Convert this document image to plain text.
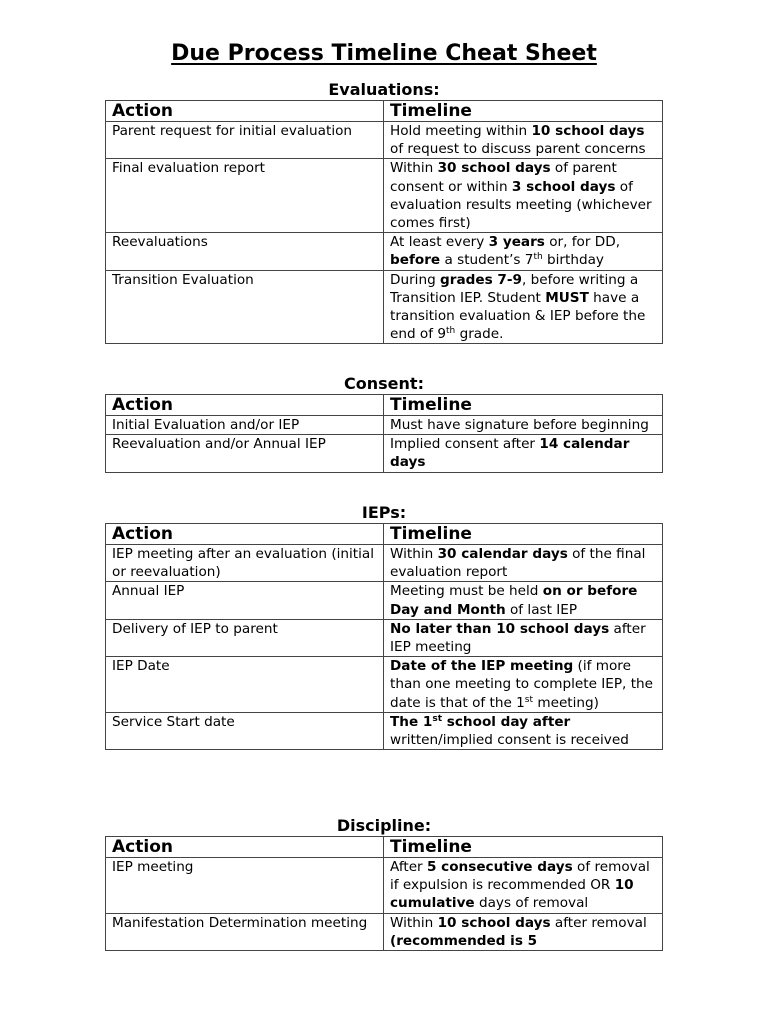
Due Process Timeline Cheat Sheet
Evaluations:
Action	Timeline
Parent request for initial evaluation	Hold meeting within 10 school days of request to discuss parent concerns
Final evaluation report	Within 30 school days of parent consent or within 3 school days of evaluation results meeting (whichever comes first)
Reevaluations	At least every 3 years or, for DD, before a student’s 7th birthday
Transition Evaluation	During grades 7-9, before writing a Transition IEP. Student MUST have a transition evaluation & IEP before the end of 9th grade.
Consent:
Action	Timeline
Initial Evaluation and/or IEP	Must have signature before beginning
Reevaluation and/or Annual IEP	Implied consent after 14 calendar days
IEPs:
Action	Timeline
IEP meeting after an evaluation (initial or reevaluation)	Within 30 calendar days of the final evaluation report
Annual IEP	Meeting must be held on or before Day and Month of last IEP
Delivery of IEP to parent	No later than 10 school days after IEP meeting
IEP Date	Date of the IEP meeting (if more than one meeting to complete IEP, the date is that of the 1st meeting)
Service Start date	The 1st school day after written/implied consent is received
Discipline:
Action	Timeline
IEP meeting	After 5 consecutive days of removal if expulsion is recommended OR 10 cumulative days of removal
Manifestation Determination meeting	Within 10 school days after removal (recommended is 5
